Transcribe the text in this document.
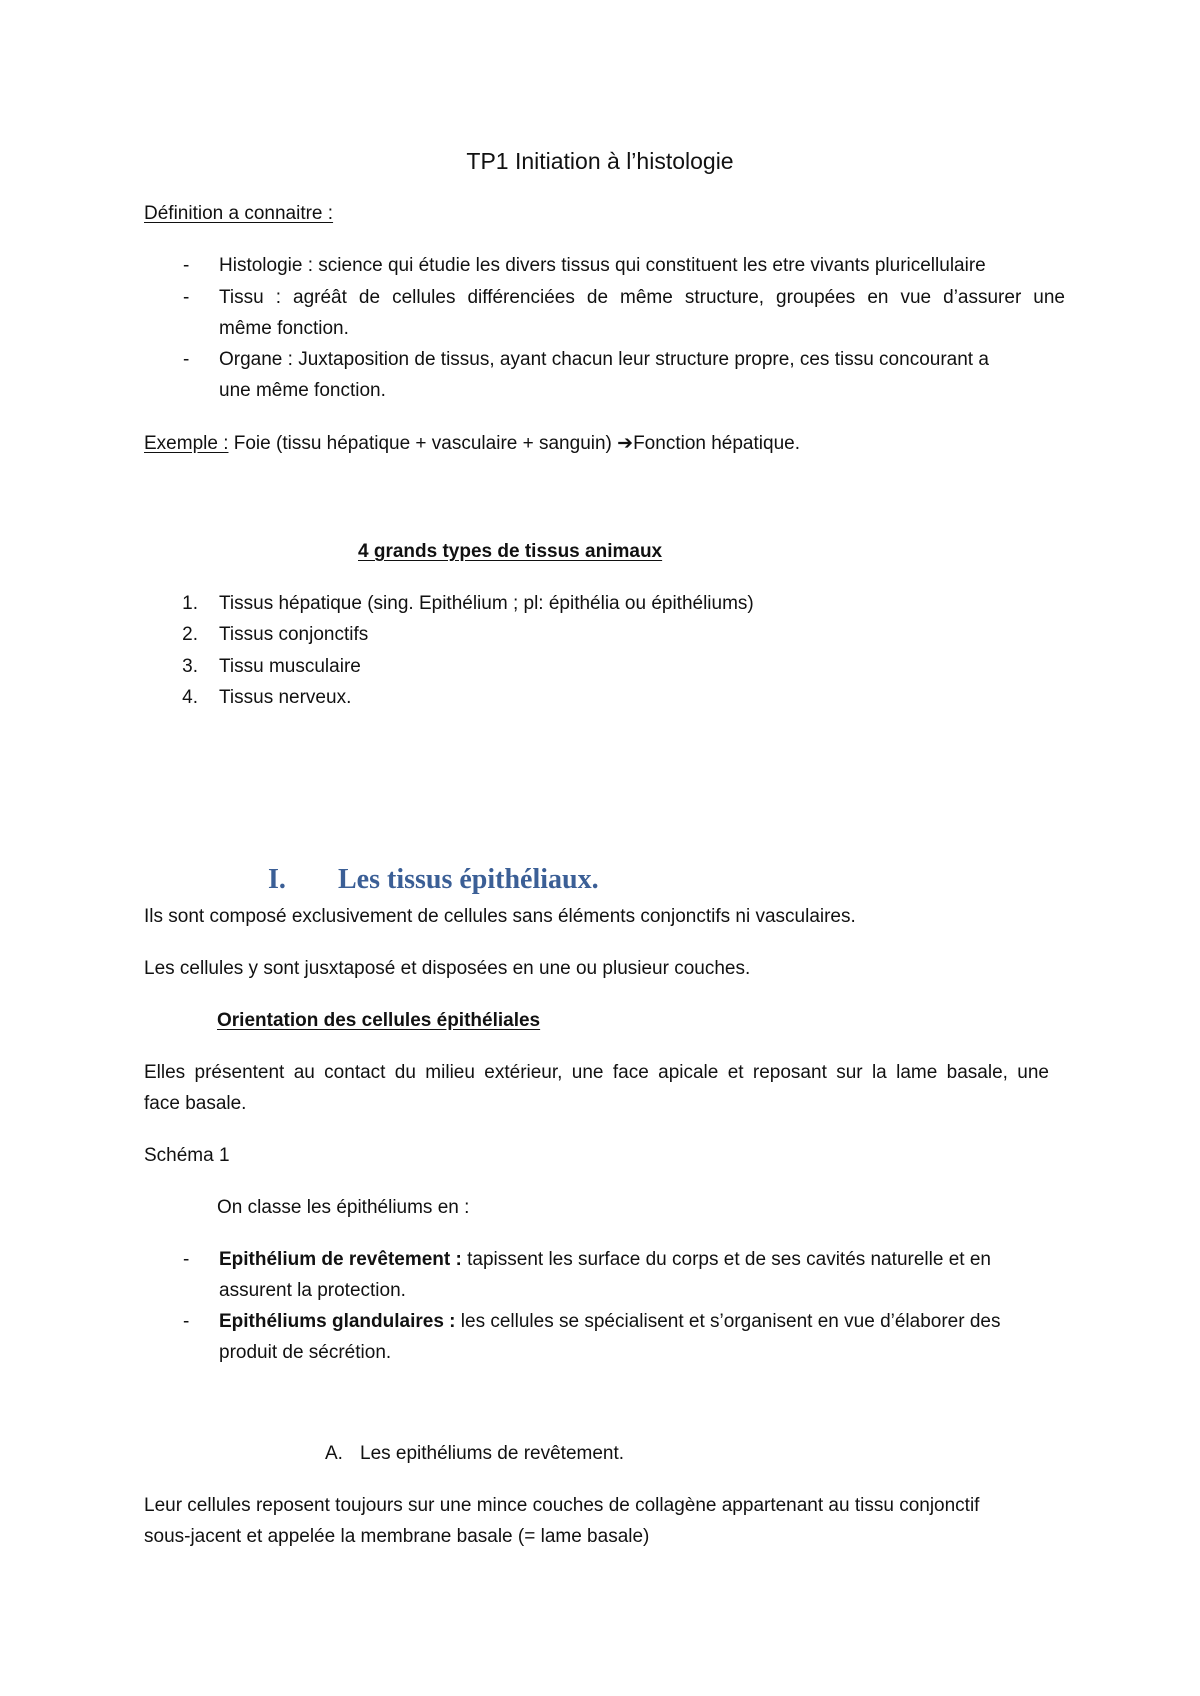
TP1 Initiation à l’histologie
Définition a connaitre :
-	Histologie : science qui étudie les divers tissus qui constituent les etre vivants pluricellulaire
-	Tissu : agréât de cellules différenciées de même structure, groupées en vue d’assurer une
même fonction.
-	Organe : Juxtaposition de tissus, ayant chacun leur structure propre, ces tissu concourant a
une même fonction.
Exemple : Foie (tissu hépatique + vasculaire + sanguin) ➔Fonction hépatique.
4 grands types de tissus animaux
1. Tissus hépatique (sing. Epithélium ; pl: épithélia ou épithéliums)
2. Tissus conjonctifs
3. Tissu musculaire
4. Tissus nerveux.
I. Les tissus épithéliaux.
Ils sont composé exclusivement de cellules sans éléments conjonctifs ni vasculaires.
Les cellules y sont jusxtaposé et disposées en une ou plusieur couches.
Orientation des cellules épithéliales
Elles présentent au contact du milieu extérieur, une face apicale et reposant sur la lame basale, une
face basale.
Schéma 1
On classe les épithéliums en :
-	Epithélium de revêtement : tapissent les surface du corps et de ses cavités naturelle et en
assurent la protection.
-	Epithéliums glandulaires : les cellules se spécialisent et s’organisent en vue d’élaborer des
produit de sécrétion.
A. Les epithéliums de revêtement.
Leur cellules reposent toujours sur une mince couches de collagène appartenant au tissu conjonctif
sous-jacent et appelée la membrane basale (= lame basale)
